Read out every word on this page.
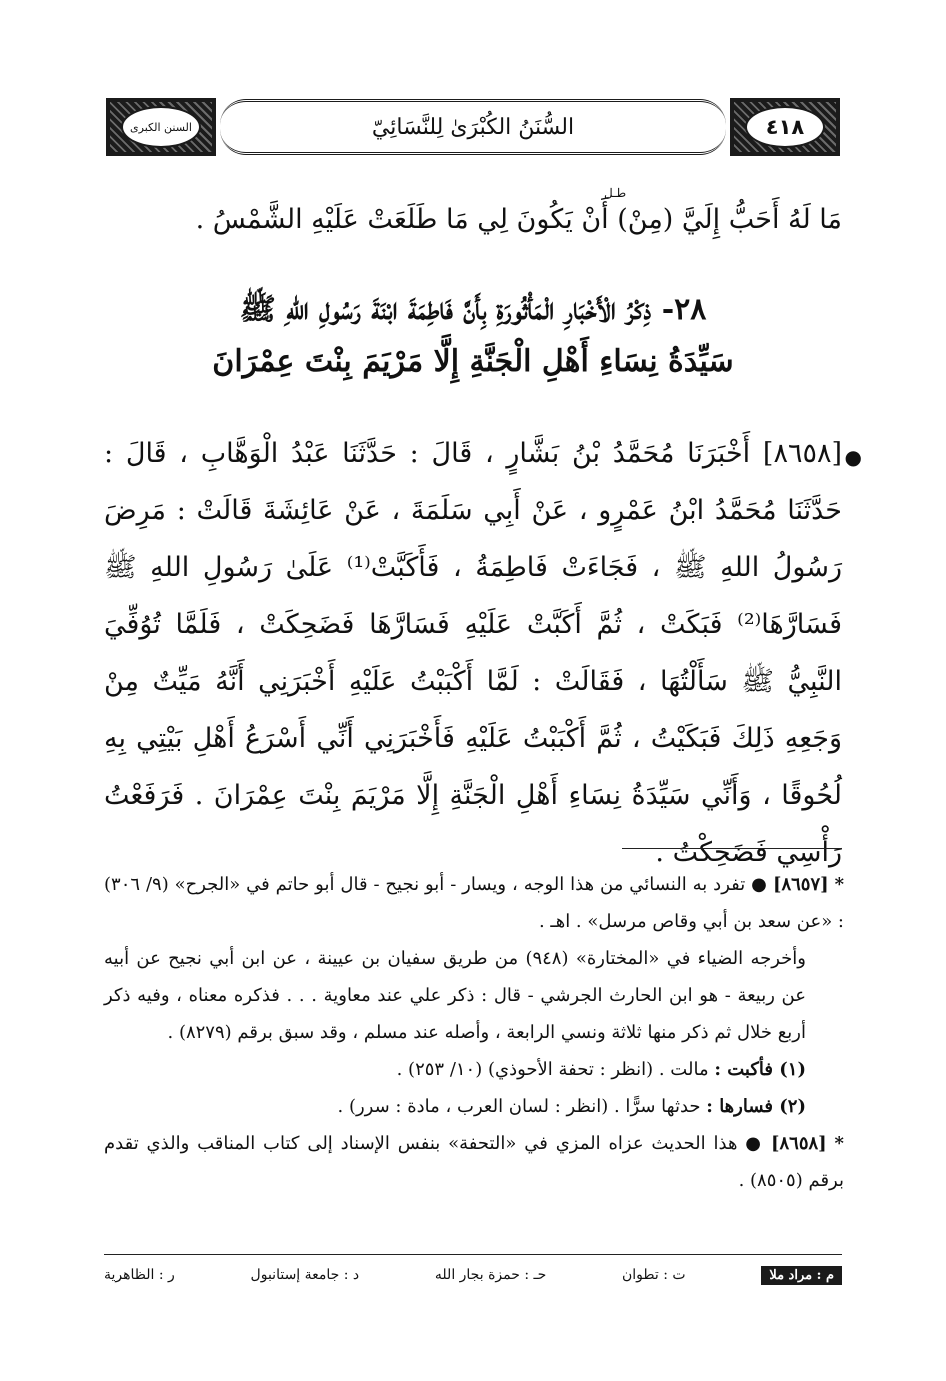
السنن الكبرى	السُّنَنُ الكُبْرَىٰ لِلنَّسَائِيّ	٤١٨
مَا لَهُ أَحَبُّ إِلَيَّ (مِنْ) أَنْ يَكُونَ لِي مَا طَلَعَتْ عَلَيْهِ الشَّمْسُ .
طـل
٢٨- ذِكْرُ الْأَخْبَارِ الْمَأْثُورَةِ بِأَنَّ فَاطِمَةَ ابْنَةَ رَسُولِ اللهِ ﷺ
سَيِّدَةُ نِسَاءِ أَهْلِ الْجَنَّةِ إِلَّا مَرْيَمَ بِنْتَ عِمْرَانَ
●
[٨٦٥٨] أَخْبَرَنَا مُحَمَّدُ بْنُ بَشَّارٍ ، قَالَ : حَدَّثَنَا عَبْدُ الْوَهَّابِ ، قَالَ : حَدَّثَنَا مُحَمَّدُ ابْنُ عَمْرٍو ، عَنْ أَبِي سَلَمَةَ ، عَنْ عَائِشَةَ قَالَتْ : مَرِضَ رَسُولُ اللهِ ﷺ ، فَجَاءَتْ فَاطِمَةُ ، فَأَكَبَّتْ⁽¹⁾ عَلَىٰ رَسُولِ اللهِ ﷺ فَسَارَّهَا⁽²⁾ فَبَكَتْ ، ثُمَّ أَكَبَّتْ عَلَيْهِ فَسَارَّهَا فَضَحِكَتْ ، فَلَمَّا تُوُفِّيَ النَّبِيُّ ﷺ سَأَلْتُهَا ، فَقَالَتْ : لَمَّا أَكْبَبْتُ عَلَيْهِ أَخْبَرَنِي أَنَّهُ مَيِّتٌ مِنْ وَجَعِهِ ذَلِكَ فَبَكَيْتُ ، ثُمَّ أَكْبَبْتُ عَلَيْهِ فَأَخْبَرَنِي أَنِّي أَسْرَعُ أَهْلِ بَيْتِي بِهِ لُحُوقًا ، وَأَنِّي سَيِّدَةُ نِسَاءِ أَهْلِ الْجَنَّةِ إِلَّا مَرْيَمَ بِنْتَ عِمْرَانَ . فَرَفَعْتُ رَأْسِي فَضَحِكْتُ .

* [٨٦٥٧] ● تفرد به النسائي من هذا الوجه ، ويسار - أبو نجيح - قال أبو حاتم في «الجرح» (٩/ ٣٠٦) : «عن سعد بن أبي وقاص مرسل» . اهـ .

وأخرجه الضياء في «المختارة» (٩٤٨) من طريق سفيان بن عيينة ، عن ابن أبي نجيح عن أبيه عن ربيعة - هو ابن الحارث الجرشي - قال : ذكر علي عند معاوية . . . فذكره معناه ، وفيه ذكر أربع خلال ثم ذكر منها ثلاثة ونسي الرابعة ، وأصله عند مسلم ، وقد سبق برقم (٨٢٧٩) .

(١) فأكبت : مالت . (انظر : تحفة الأحوذي) (١٠/ ٢٥٣) .

(٢) فسارها : حدثها سرًّا . (انظر : لسان العرب ، مادة : سرر) .

* [٨٦٥٨] ● هذا الحديث عزاه المزي في «التحفة» بنفس الإسناد إلى كتاب المناقب والذي تقدم برقم (٨٥٠٥) .

م : مراد ملا
ت : تطوان
حـ : حمزة بجار الله
د : جامعة إستانبول
ر : الظاهرية
